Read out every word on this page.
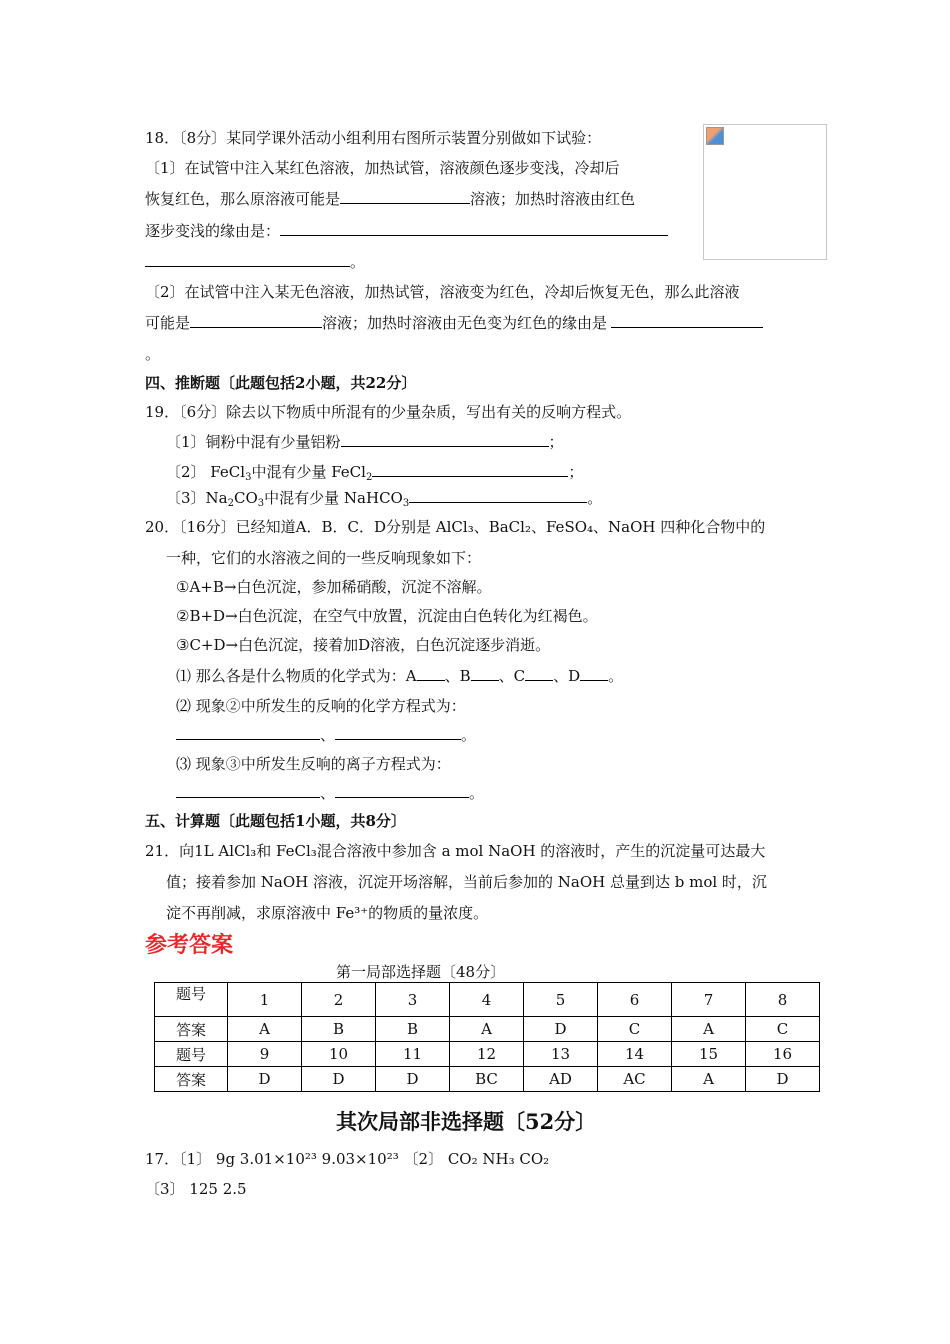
18．〔8分〕某同学课外活动小组利用右图所示装置分别做如下试验：
〔1〕在试管中注入某红色溶液，加热试管，溶液颜色逐步变浅，冷却后
恢复红色，那么原溶液可能是	溶液；加热时溶液由红色
逐步变浅的缘由是：
。
〔2〕在试管中注入某无色溶液，加热试管，溶液变为红色，冷却后恢复无色，那么此溶液
可能是	溶液；加热时溶液由无色变为红色的缘由是
。
四、推断题〔此题包括2小题，共22分〕
19．〔6分〕除去以下物质中所混有的少量杂质，写出有关的反响方程式。
〔1〕铜粉中混有少量铝粉	；
〔2〕 FeCl$_3$中混有少量 FeCl$_2$	；
〔3〕$Na_2CO_3$中混有少量 NaHCO$_3$	。
20．〔16分〕已经知道A．B．C．D分别是 AlCl₃、BaCl₂、FeSO₄、NaOH 四种化合物中的
一种，它们的水溶液之间的一些反响现象如下：
①A+B→白色沉淀，参加稀硝酸，沉淀不溶解。
②B+D→白色沉淀，在空气中放置，沉淀由白色转化为红褐色。
③C+D→白色沉淀，接着加D溶液，白色沉淀逐步消逝。
⑴ 那么各是什么物质的化学式为：A 、B 、C 、D 。
⑵ 现象②中所发生的反响的化学方程式为：
、	。
⑶ 现象③中所发生反响的离子方程式为：
、	。
五、计算题〔此题包括1小题，共8分〕
21．向1L AlCl₃和 FeCl₃混合溶液中参加含 a mol NaOH 的溶液时，产生的沉淀量可达最大
值；接着参加 NaOH 溶液，沉淀开场溶解，当前后参加的 NaOH 总量到达 b mol 时，沉
淀不再削减，求原溶液中 Fe³⁺的物质的量浓度。
参考答案
第一局部选择题〔48分〕
题号	1	2	3	4	5	6	7	8
答案	A	B	B	A	D	C	A	C
题号	9	10	11	12	13	14	15	16
答案	D	D	D	BC	AD	AC	A	D
其次局部非选择题〔52分〕
17．〔1〕 9g 3.01×10²³ 9.03×10²³ 〔2〕 CO₂ NH₃ CO₂
〔3〕 125 2.5
